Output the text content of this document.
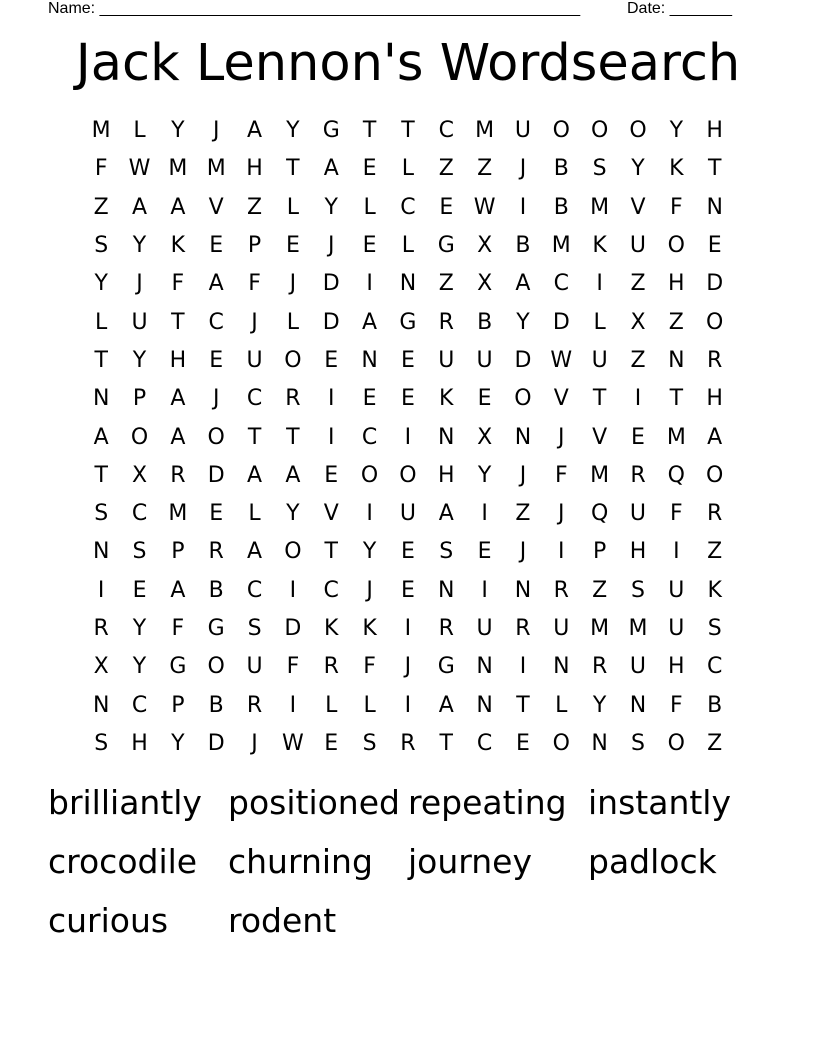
Name: ______________________________________________________	Date: _______
Jack Lennon's Wordsearch
M	L	Y	J	A	Y	G	T	T	C M U O O O	Y	H
F W M M H	T	A	E	L	Z	Z	J	B	S	Y	K	T
Z	A	A	V	Z	L	Y	L	C	E W	I	B M V	F	N
S	Y	K	E	P	E	J	E	L	G	X	B M K	U O	E
Y	J	F	A	F	J	D	I	N	Z	X	A	C	I	Z	H D
L	U	T	C	J	L	D	A	G	R	B	Y	D	L	X	Z	O
T	Y	H	E	U O	E	N	E	U	U D W U	Z	N	R
N	P	A	J	C	R	I	E	E	K	E	O	V	T	I	T	H
A	O	A	O	T	T	I	C	I	N	X	N	J	V	E M A
T	X	R	D	A	A	E	O O H	Y	J	F	M R	Q O
S	C M E	L	Y	V	I	U	A	I	Z	J	Q U	F	R
N	S	P	R	A	O	T	Y	E	S	E	J	I	P	H	I	Z
I	E	A	B	C	I	C	J	E	N	I	N	R	Z	S	U	K
R	Y	F	G	S	D	K	K	I	R	U	R	U M M U	S
X	Y	G O U	F	R	F	J	G N	I	N	R	U	H	C
N	C	P	B	R	I	L	L	I	A	N	T	L	Y	N	F	B
S	H	Y	D	J	W E	S	R	T	C	E	O N	S	O	Z
brilliantly positioned repeating instantly
crocodile churning	journey	padlock
curious	rodent
